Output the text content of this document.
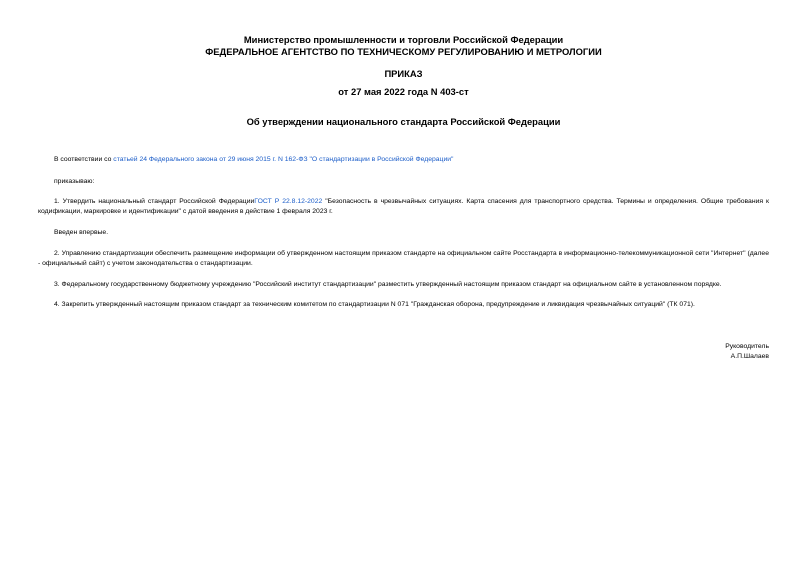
Министерство промышленности и торговли Российской Федерации
ФЕДЕРАЛЬНОЕ АГЕНТСТВО ПО ТЕХНИЧЕСКОМУ РЕГУЛИРОВАНИЮ И МЕТРОЛОГИИ
ПРИКАЗ
от 27 мая 2022 года N 403-ст
Об утверждении национального стандарта Российской Федерации
В соответствии со статьей 24 Федерального закона от 29 июня 2015 г. N 162-ФЗ "О стандартизации в Российской Федерации"
приказываю:
1. Утвердить национальный стандарт Российской ФедерацииГОСТ Р 22.8.12-2022 "Безопасность в чрезвычайных ситуациях. Карта спасения для транспортного средства. Термины и определения. Общие требования к кодификации, маркировке и идентификации" с датой введения в действие 1 февраля 2023 г.
Введен впервые.
2. Управлению стандартизации обеспечить размещение информации об утвержденном настоящим приказом стандарте на официальном сайте Росстандарта в информационно-телекоммуникационной сети "Интернет" (далее - официальный сайт) с учетом законодательства о стандартизации.
3. Федеральному государственному бюджетному учреждению "Российский институт стандартизации" разместить утвержденный настоящим приказом стандарт на официальном сайте в установленном порядке.
4. Закрепить утвержденный настоящим приказом стандарт за техническим комитетом по стандартизации N 071 "Гражданская оборона, предупреждение и ликвидация чрезвычайных ситуаций" (ТК 071).
Руководитель
А.П.Шалаев
